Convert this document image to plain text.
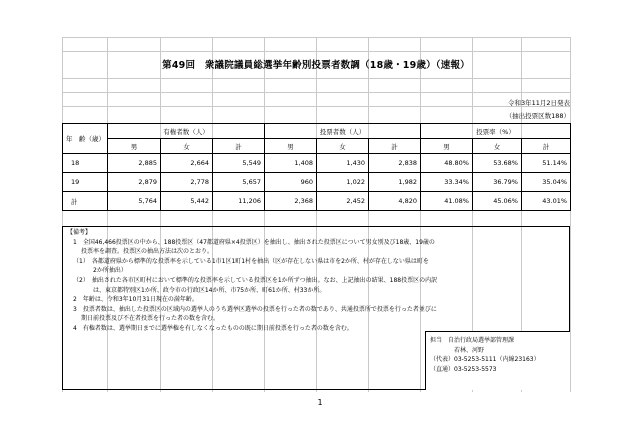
第49回　衆議院議員総選挙年齢別投票者数調（18歳・19歳）（速報）
令和3年11月2日発表
（抽出投票区数188）
年　齢（歳）	有権者数（人）			投票者数（人）			投票率（%）		
	男	女	計	男	女	計	男	女	計
18	2,885	2,664	5,549	1,408	1,430	2,838	48.80%	53.68%	51.14%
19	2,879	2,778	5,657	960	1,022	1,982	33.34%	36.79%	35.04%
計	5,764	5,442	11,206	2,368	2,452	4,820	41.08%	45.06%	43.01%
【備考】
1　全国46,466投票区の中から、188投票区（47都道府県×4投票区）を抽出し、抽出された投票区について男女別及び18歳、19歳の
投票率を調査。投票区の抽出方法は次のとおり。
（1）　各都道府県から標準的な投票率を示している1市1区1町1村を抽出（区が存在しない県は市を2か所、村が存在しない県は町を
2か所抽出）
（2）　抽出された各市区町村において標準的な投票率を示している投票区を1か所ずつ抽出。なお、上記抽出の結果、188投票区の内訳
は、東京都特別区1か所、政令市の行政区14か所、市75か所、町61か所、村33か所。
2　年齢は、令和3年10月31日現在の満年齢。
3　投票者数は、抽出した投票区の区域内の選挙人のうち選挙区選挙の投票を行った者の数であり、共通投票所で投票を行った者並びに
期日前投票及び不在者投票を行った者の数を含む。
4　有権者数は、選挙期日までに選挙権を有しなくなったものの既に期日前投票を行った者の数を含む。
担当　自治行政局選挙部管理課
　　　　若林、河野
（代表）03-5253-5111（内線23163）
（直通）03-5253-5573
1
